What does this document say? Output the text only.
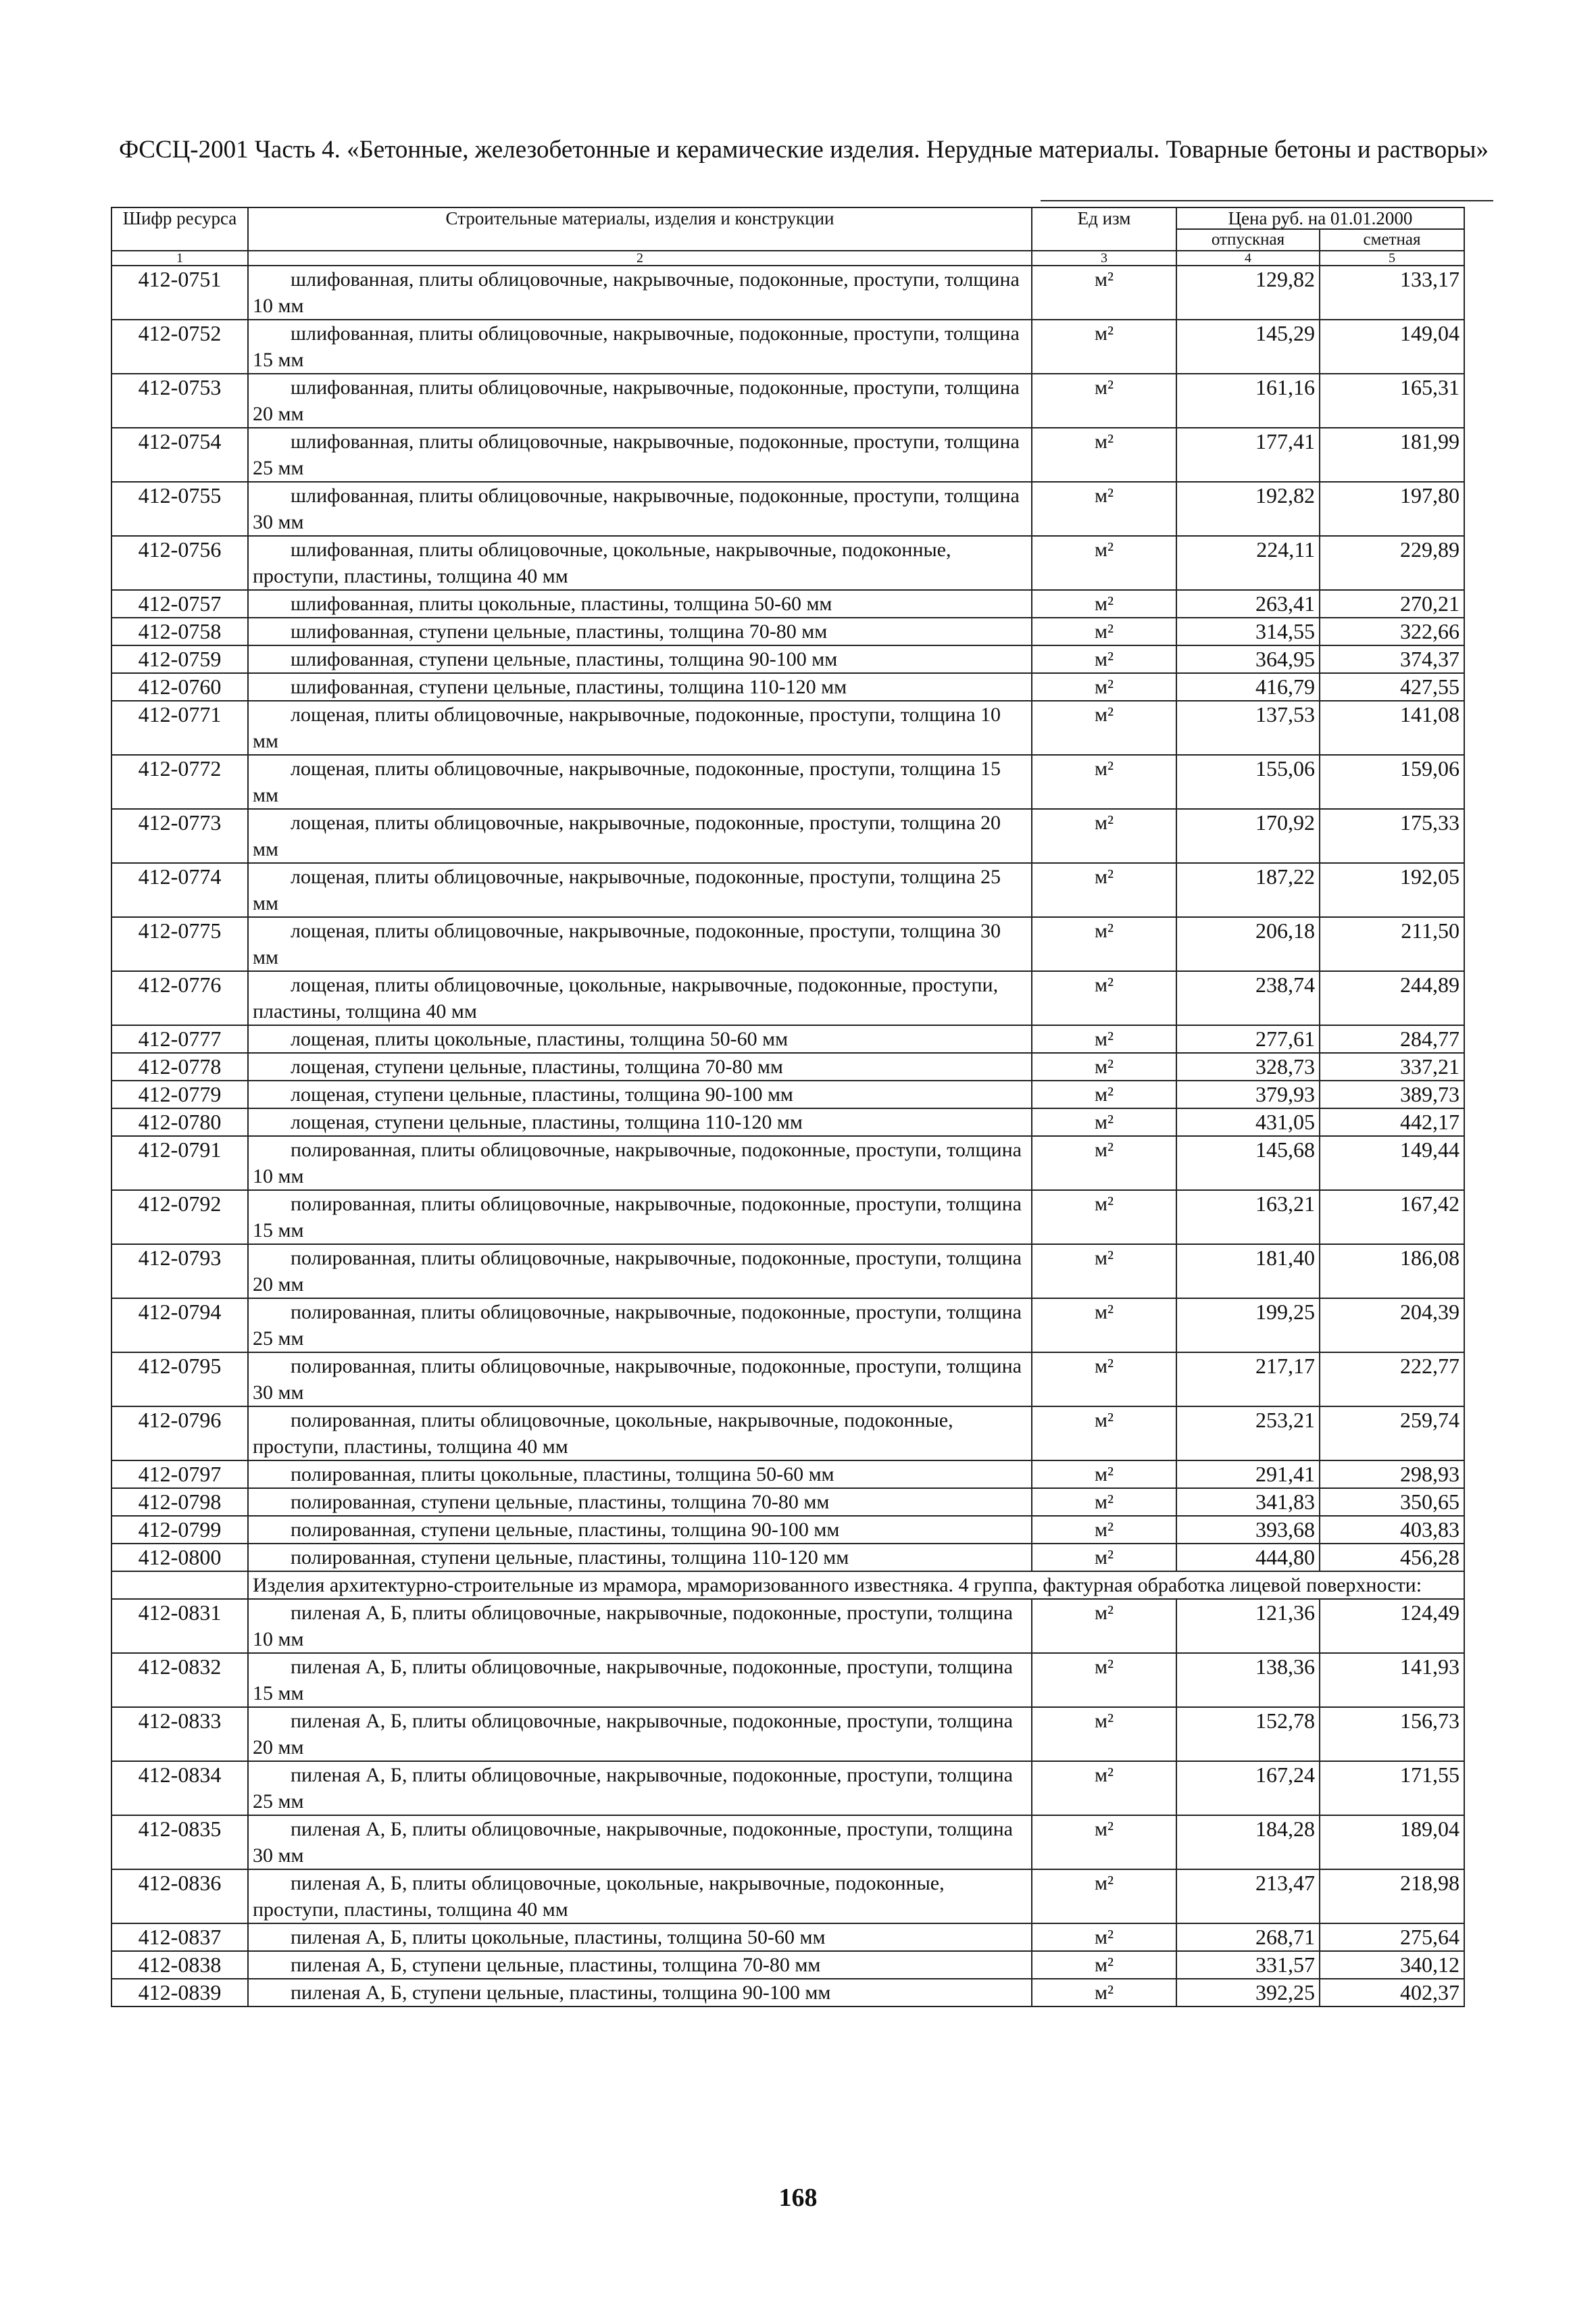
ФССЦ-2001 Часть 4. «Бетонные, железобетонные и керамические изделия. Нерудные материалы. Товарные бетоны и растворы»
Шифр ресурса	Строительные материалы, изделия и конструкции	Ед изм	Цена руб. на 01.01.2000	
			отпускная	сметная
1	2	3	4	5
412-0751	шлифованная, плиты облицовочные, накрывочные, подоконные, проступи, толщина 10 мм	м²	129,82	133,17
412-0752	шлифованная, плиты облицовочные, накрывочные, подоконные, проступи, толщина 15 мм	м²	145,29	149,04
412-0753	шлифованная, плиты облицовочные, накрывочные, подоконные, проступи, толщина 20 мм	м²	161,16	165,31
412-0754	шлифованная, плиты облицовочные, накрывочные, подоконные, проступи, толщина 25 мм	м²	177,41	181,99
412-0755	шлифованная, плиты облицовочные, накрывочные, подоконные, проступи, толщина 30 мм	м²	192,82	197,80
412-0756	шлифованная, плиты облицовочные, цокольные, накрывочные, подоконные, проступи, пластины, толщина 40 мм	м²	224,11	229,89
412-0757	шлифованная, плиты цокольные, пластины, толщина 50-60 мм	м²	263,41	270,21
412-0758	шлифованная, ступени цельные, пластины, толщина 70-80 мм	м²	314,55	322,66
412-0759	шлифованная, ступени цельные, пластины, толщина 90-100 мм	м²	364,95	374,37
412-0760	шлифованная, ступени цельные, пластины, толщина 110-120 мм	м²	416,79	427,55
412-0771	лощеная, плиты облицовочные, накрывочные, подоконные, проступи, толщина 10 мм	м²	137,53	141,08
412-0772	лощеная, плиты облицовочные, накрывочные, подоконные, проступи, толщина 15 мм	м²	155,06	159,06
412-0773	лощеная, плиты облицовочные, накрывочные, подоконные, проступи, толщина 20 мм	м²	170,92	175,33
412-0774	лощеная, плиты облицовочные, накрывочные, подоконные, проступи, толщина 25 мм	м²	187,22	192,05
412-0775	лощеная, плиты облицовочные, накрывочные, подоконные, проступи, толщина 30 мм	м²	206,18	211,50
412-0776	лощеная, плиты облицовочные, цокольные, накрывочные, подоконные, проступи, пластины, толщина 40 мм	м²	238,74	244,89
412-0777	лощеная, плиты цокольные, пластины, толщина 50-60 мм	м²	277,61	284,77
412-0778	лощеная, ступени цельные, пластины, толщина 70-80 мм	м²	328,73	337,21
412-0779	лощеная, ступени цельные, пластины, толщина 90-100 мм	м²	379,93	389,73
412-0780	лощеная, ступени цельные, пластины, толщина 110-120 мм	м²	431,05	442,17
412-0791	полированная, плиты облицовочные, накрывочные, подоконные, проступи, толщина 10 мм	м²	145,68	149,44
412-0792	полированная, плиты облицовочные, накрывочные, подоконные, проступи, толщина 15 мм	м²	163,21	167,42
412-0793	полированная, плиты облицовочные, накрывочные, подоконные, проступи, толщина 20 мм	м²	181,40	186,08
412-0794	полированная, плиты облицовочные, накрывочные, подоконные, проступи, толщина 25 мм	м²	199,25	204,39
412-0795	полированная, плиты облицовочные, накрывочные, подоконные, проступи, толщина 30 мм	м²	217,17	222,77
412-0796	полированная, плиты облицовочные, цокольные, накрывочные, подоконные, проступи, пластины, толщина 40 мм	м²	253,21	259,74
412-0797	полированная, плиты цокольные, пластины, толщина 50-60 мм	м²	291,41	298,93
412-0798	полированная, ступени цельные, пластины, толщина 70-80 мм	м²	341,83	350,65
412-0799	полированная, ступени цельные, пластины, толщина 90-100 мм	м²	393,68	403,83
412-0800	полированная, ступени цельные, пластины, толщина 110-120 мм	м²	444,80	456,28
	Изделия архитектурно-строительные из мрамора, мраморизованного известняка. 4 группа, фактурная обработка лицевой поверхности:			
412-0831	пиленая А, Б, плиты облицовочные, накрывочные, подоконные, проступи, толщина 10 мм	м²	121,36	124,49
412-0832	пиленая А, Б, плиты облицовочные, накрывочные, подоконные, проступи, толщина 15 мм	м²	138,36	141,93
412-0833	пиленая А, Б, плиты облицовочные, накрывочные, подоконные, проступи, толщина 20 мм	м²	152,78	156,73
412-0834	пиленая А, Б, плиты облицовочные, накрывочные, подоконные, проступи, толщина 25 мм	м²	167,24	171,55
412-0835	пиленая А, Б, плиты облицовочные, накрывочные, подоконные, проступи, толщина 30 мм	м²	184,28	189,04
412-0836	пиленая А, Б, плиты облицовочные, цокольные, накрывочные, подоконные, проступи, пластины, толщина 40 мм	м²	213,47	218,98
412-0837	пиленая А, Б, плиты цокольные, пластины, толщина 50-60 мм	м²	268,71	275,64
412-0838	пиленая А, Б, ступени цельные, пластины, толщина 70-80 мм	м²	331,57	340,12
412-0839	пиленая А, Б, ступени цельные, пластины, толщина 90-100 мм	м²	392,25	402,37
168
